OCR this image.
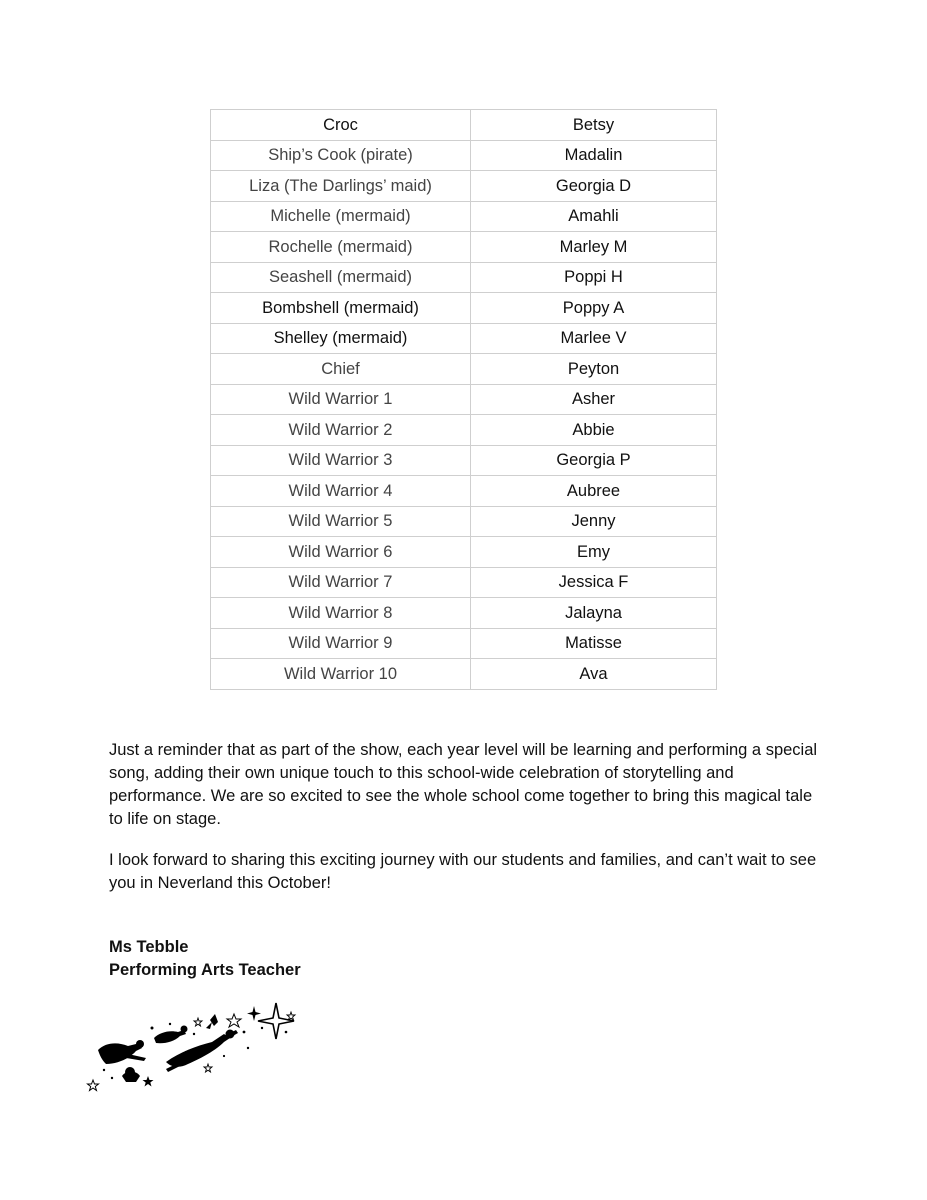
Croc	Betsy
Ship’s Cook (pirate)	Madalin
Liza (The Darlings’ maid)	Georgia D
Michelle (mermaid)	Amahli
Rochelle (mermaid)	Marley M
Seashell (mermaid)	Poppi H
Bombshell (mermaid)	Poppy A
Shelley (mermaid)	Marlee V
Chief	Peyton
Wild Warrior 1	Asher
Wild Warrior 2	Abbie
Wild Warrior 3	Georgia P
Wild Warrior 4	Aubree
Wild Warrior 5	Jenny
Wild Warrior 6	Emy
Wild Warrior 7	Jessica F
Wild Warrior 8	Jalayna
Wild Warrior 9	Matisse
Wild Warrior 10	Ava

Just a reminder that as part of the show, each year level will be learning and performing a special song, adding their own unique touch to this school-wide celebration of storytelling and performance. We are so excited to see the whole school come together to bring this magical tale to life on stage.

I look forward to sharing this exciting journey with our students and families, and can’t wait to see you in Neverland this October!

Ms Tebble

Performing Arts Teacher
